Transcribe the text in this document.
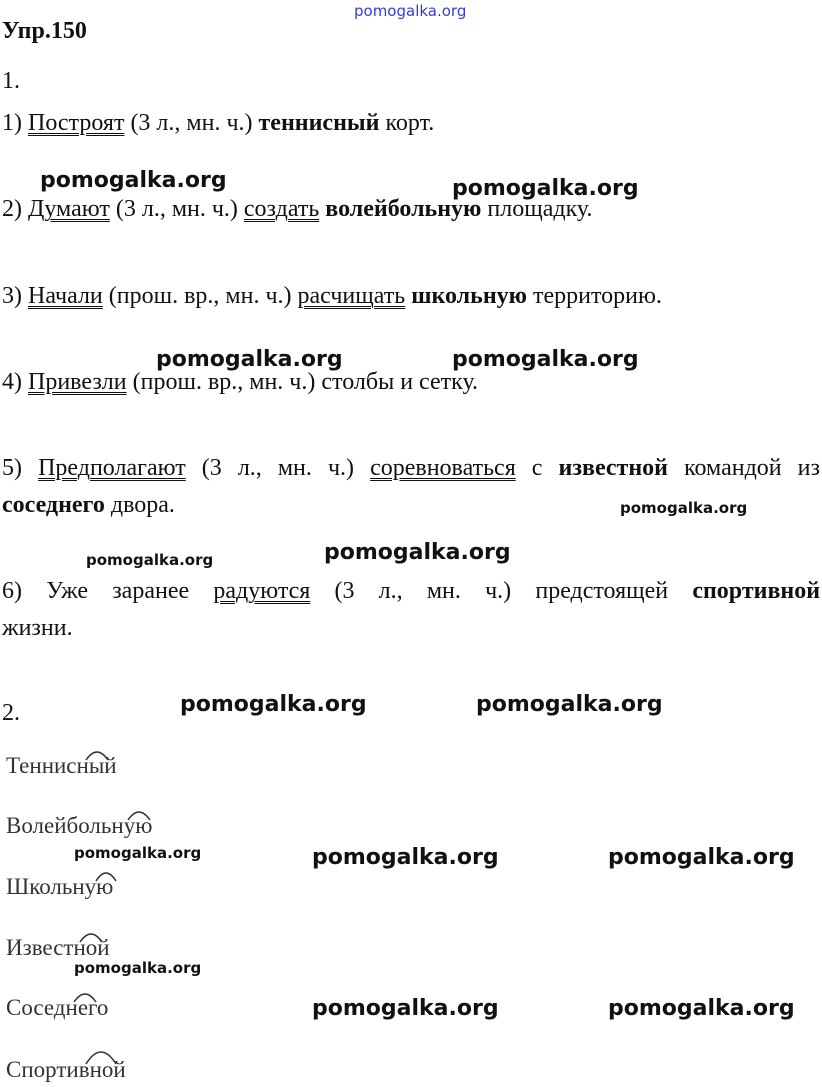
pomogalka.org
Упр.150
1.
1) Построят (3 л., мн. ч.) теннисный корт.
2) Думают (3 л., мн. ч.) создать волейбольную площадку.
3) Начали (прош. вр., мн. ч.) расчищать школьную территорию.
4) Привезли (прош. вр., мн. ч.) столбы и сетку.
5) Предполагают (3 л., мн. ч.) соревноваться с известной командой из
соседнего двора.
6) Уже заранее радуются (3 л., мн. ч.) предстоящей спортивной
жизни.
2.
Теннисный
Волейбольную
Школьную
Известной
Соседнего
Спортивной
pomogalka.org	pomogalka.org
pomogalka.org	pomogalka.org
pomogalka.org
pomogalka.org
pomogalka.org
pomogalka.org	pomogalka.org
pomogalka.org	pomogalka.org	pomogalka.org
pomogalka.org
pomogalka.org	pomogalka.org
